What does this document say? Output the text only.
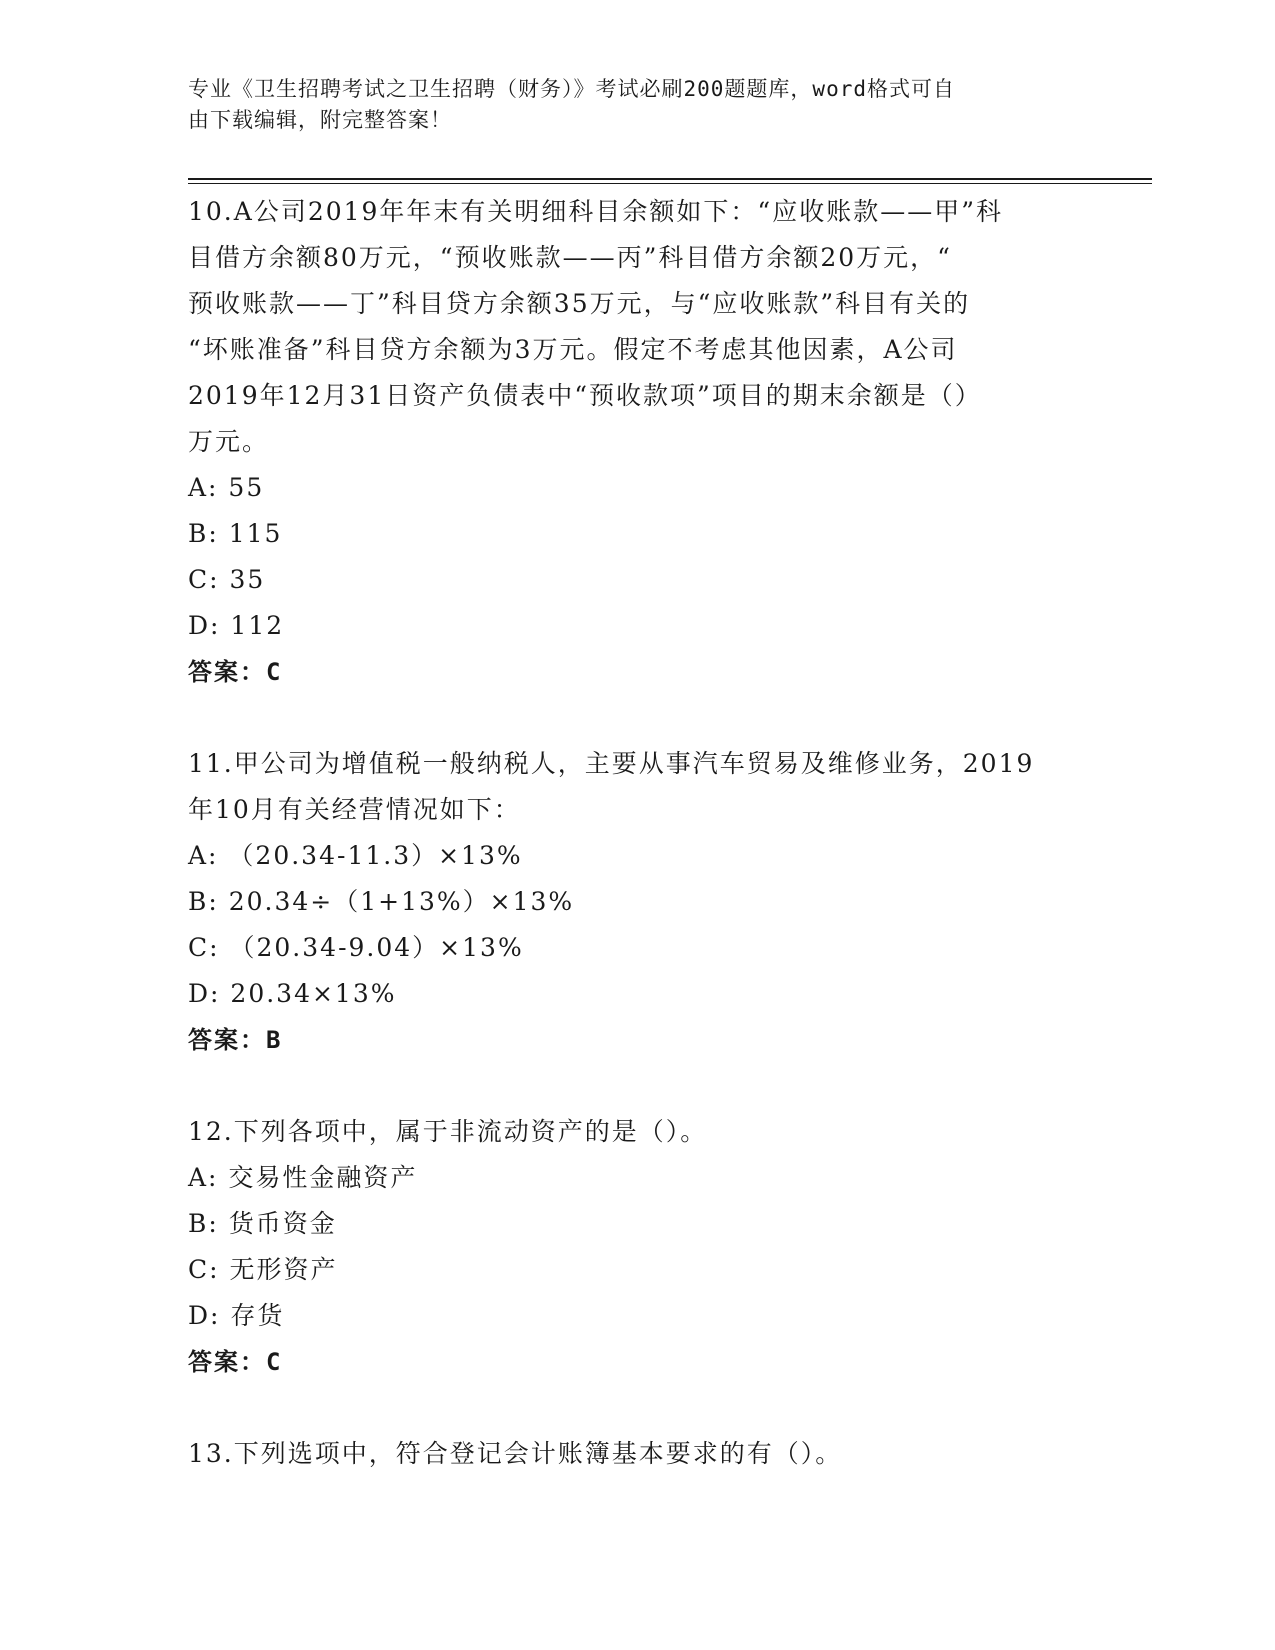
专业《卫生招聘考试之卫生招聘（财务）》考试必刷200题题库，word格式可自
由下载编辑，附完整答案！
10.A公司2019年年末有关明细科目余额如下：“应收账款——甲”科
目借方余额80万元，“预收账款——丙”科目借方余额20万元，“
预收账款——丁”科目贷方余额35万元，与“应收账款”科目有关的
“坏账准备”科目贷方余额为3万元。假定不考虑其他因素，A公司
2019年12月31日资产负债表中“预收款项”项目的期末余额是（）
万元。
A: 55
B: 115
C: 35
D: 112
答案：C
11.甲公司为增值税一般纳税人，主要从事汽车贸易及维修业务，2019
年10月有关经营情况如下：
A: （20.34-11.3）×13%
B: 20.34÷（1+13%）×13%
C: （20.34-9.04）×13%
D: 20.34×13%
答案：B
12.下列各项中，属于非流动资产的是（）。
A: 交易性金融资产
B: 货币资金
C: 无形资产
D: 存货
答案：C
13.下列选项中，符合登记会计账簿基本要求的有（）。
